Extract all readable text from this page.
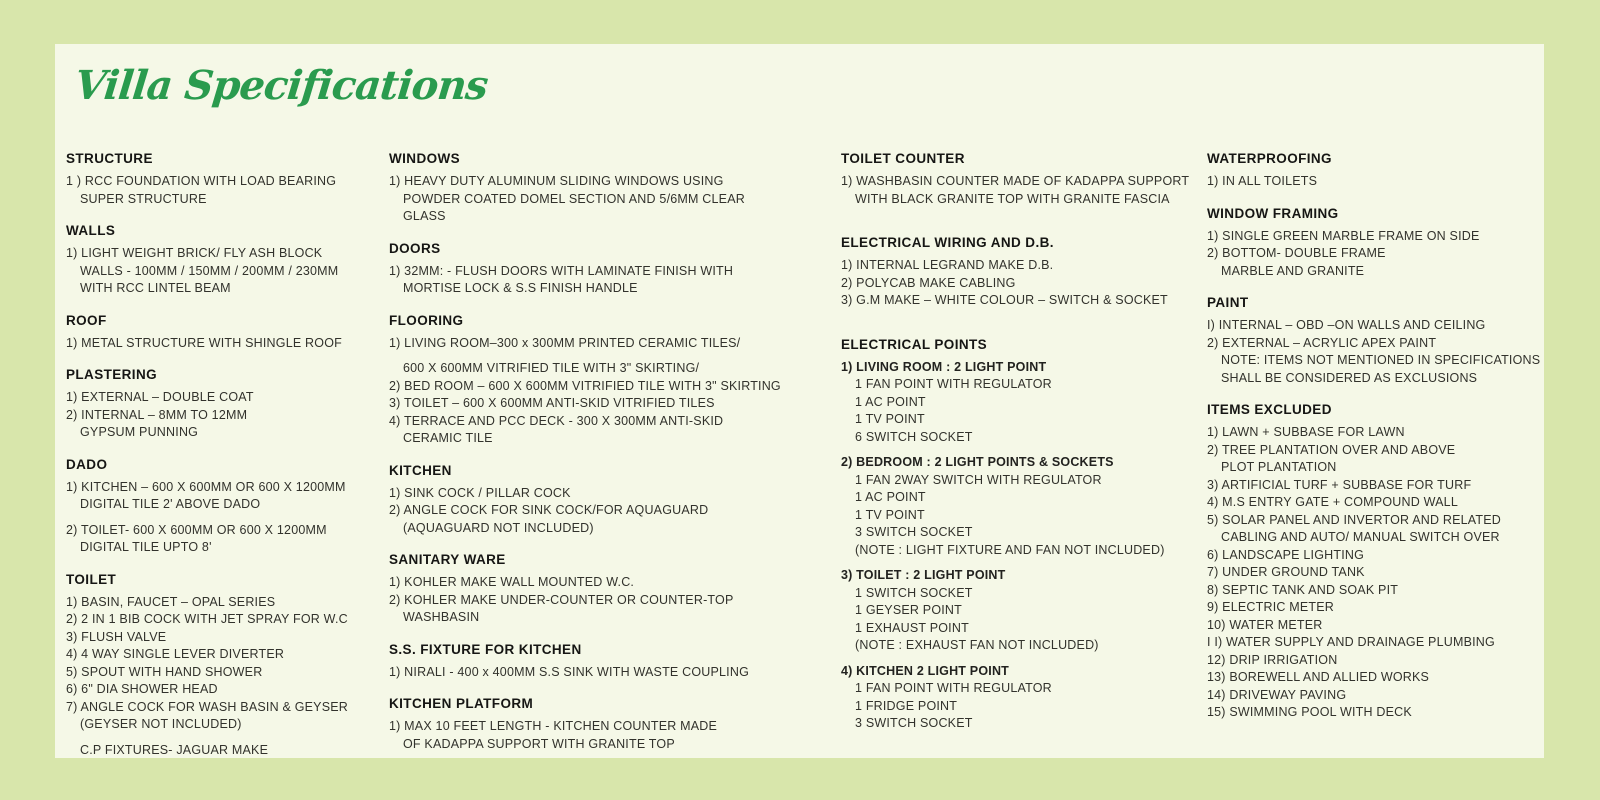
Villa Specifications
STRUCTURE
1 ) RCC FOUNDATION WITH LOAD BEARING
SUPER STRUCTURE
WALLS
1) LIGHT WEIGHT BRICK/ FLY ASH BLOCK
WALLS - 100MM / 150MM / 200MM / 230MM
WITH RCC LINTEL BEAM
ROOF
1) METAL STRUCTURE WITH SHINGLE ROOF
PLASTERING
1) EXTERNAL – DOUBLE COAT
2) INTERNAL – 8MM TO 12MM
GYPSUM PUNNING
DADO
1) KITCHEN – 600 X 600MM OR 600 X 1200MM
DIGITAL TILE 2' ABOVE DADO
2) TOILET- 600 X 600MM OR 600 X 1200MM
DIGITAL TILE UPTO 8'
TOILET
1) BASIN, FAUCET – OPAL SERIES
2) 2 IN 1 BIB COCK WITH JET SPRAY FOR W.C
3) FLUSH VALVE
4) 4 WAY SINGLE LEVER DIVERTER
5) SPOUT WITH HAND SHOWER
6) 6" DIA SHOWER HEAD
7) ANGLE COCK FOR WASH BASIN & GEYSER
(GEYSER NOT INCLUDED)
C.P FIXTURES- JAGUAR MAKE
WINDOWS
1) HEAVY DUTY ALUMINUM SLIDING WINDOWS USING
POWDER COATED DOMEL SECTION AND 5/6MM CLEAR
GLASS
DOORS
1) 32MM: - FLUSH DOORS WITH LAMINATE FINISH WITH
MORTISE LOCK & S.S FINISH HANDLE
FLOORING
1) LIVING ROOM–300 x 300MM PRINTED CERAMIC TILES/
600 X 600MM VITRIFIED TILE WITH 3" SKIRTING/
2) BED ROOM – 600 X 600MM VITRIFIED TILE WITH 3" SKIRTING
3) TOILET – 600 X 600MM ANTI-SKID VITRIFIED TILES
4) TERRACE AND PCC DECK - 300 X 300MM ANTI-SKID
CERAMIC TILE
KITCHEN
1) SINK COCK / PILLAR COCK
2) ANGLE COCK FOR SINK COCK/FOR AQUAGUARD
(AQUAGUARD NOT INCLUDED)
SANITARY WARE
1) KOHLER MAKE WALL MOUNTED W.C.
2) KOHLER MAKE UNDER-COUNTER OR COUNTER-TOP
WASHBASIN
S.S. FIXTURE FOR KITCHEN
1) NIRALI - 400 x 400MM S.S SINK WITH WASTE COUPLING
KITCHEN PLATFORM
1) MAX 10 FEET LENGTH - KITCHEN COUNTER MADE
OF KADAPPA SUPPORT WITH GRANITE TOP
TOILET COUNTER
1) WASHBASIN COUNTER MADE OF KADAPPA SUPPORT
WITH BLACK GRANITE TOP WITH GRANITE FASCIA
ELECTRICAL WIRING AND D.B.
1) INTERNAL LEGRAND MAKE D.B.
2) POLYCAB MAKE CABLING
3) G.M MAKE – WHITE COLOUR – SWITCH & SOCKET
ELECTRICAL POINTS
1) LIVING ROOM : 2 LIGHT POINT
1 FAN POINT WITH REGULATOR
1 AC POINT
1 TV POINT
6 SWITCH SOCKET
2) BEDROOM : 2 LIGHT POINTS & SOCKETS
1 FAN 2WAY SWITCH WITH REGULATOR
1 AC POINT
1 TV POINT
3 SWITCH SOCKET
(NOTE : LIGHT FIXTURE AND FAN NOT INCLUDED)
3) TOILET : 2 LIGHT POINT
1 SWITCH SOCKET
1 GEYSER POINT
1 EXHAUST POINT
(NOTE : EXHAUST FAN NOT INCLUDED)
4) KITCHEN 2 LIGHT POINT
1 FAN POINT WITH REGULATOR
1 FRIDGE POINT
3 SWITCH SOCKET
WATERPROOFING
1) IN ALL TOILETS
WINDOW FRAMING
1) SINGLE GREEN MARBLE FRAME ON SIDE
2) BOTTOM- DOUBLE FRAME
MARBLE AND GRANITE
PAINT
I) INTERNAL – OBD –ON WALLS AND CEILING
2) EXTERNAL – ACRYLIC APEX PAINT
NOTE: ITEMS NOT MENTIONED IN SPECIFICATIONS
SHALL BE CONSIDERED AS EXCLUSIONS
ITEMS EXCLUDED
1) LAWN + SUBBASE FOR LAWN
2) TREE PLANTATION OVER AND ABOVE
PLOT PLANTATION
3) ARTIFICIAL TURF + SUBBASE FOR TURF
4) M.S ENTRY GATE + COMPOUND WALL
5) SOLAR PANEL AND INVERTOR AND RELATED
CABLING AND AUTO/ MANUAL SWITCH OVER
6) LANDSCAPE LIGHTING
7) UNDER GROUND TANK
8) SEPTIC TANK AND SOAK PIT
9) ELECTRIC METER
10) WATER METER
I I) WATER SUPPLY AND DRAINAGE PLUMBING
12) DRIP IRRIGATION
13) BOREWELL AND ALLIED WORKS
14) DRIVEWAY PAVING
15) SWIMMING POOL WITH DECK
